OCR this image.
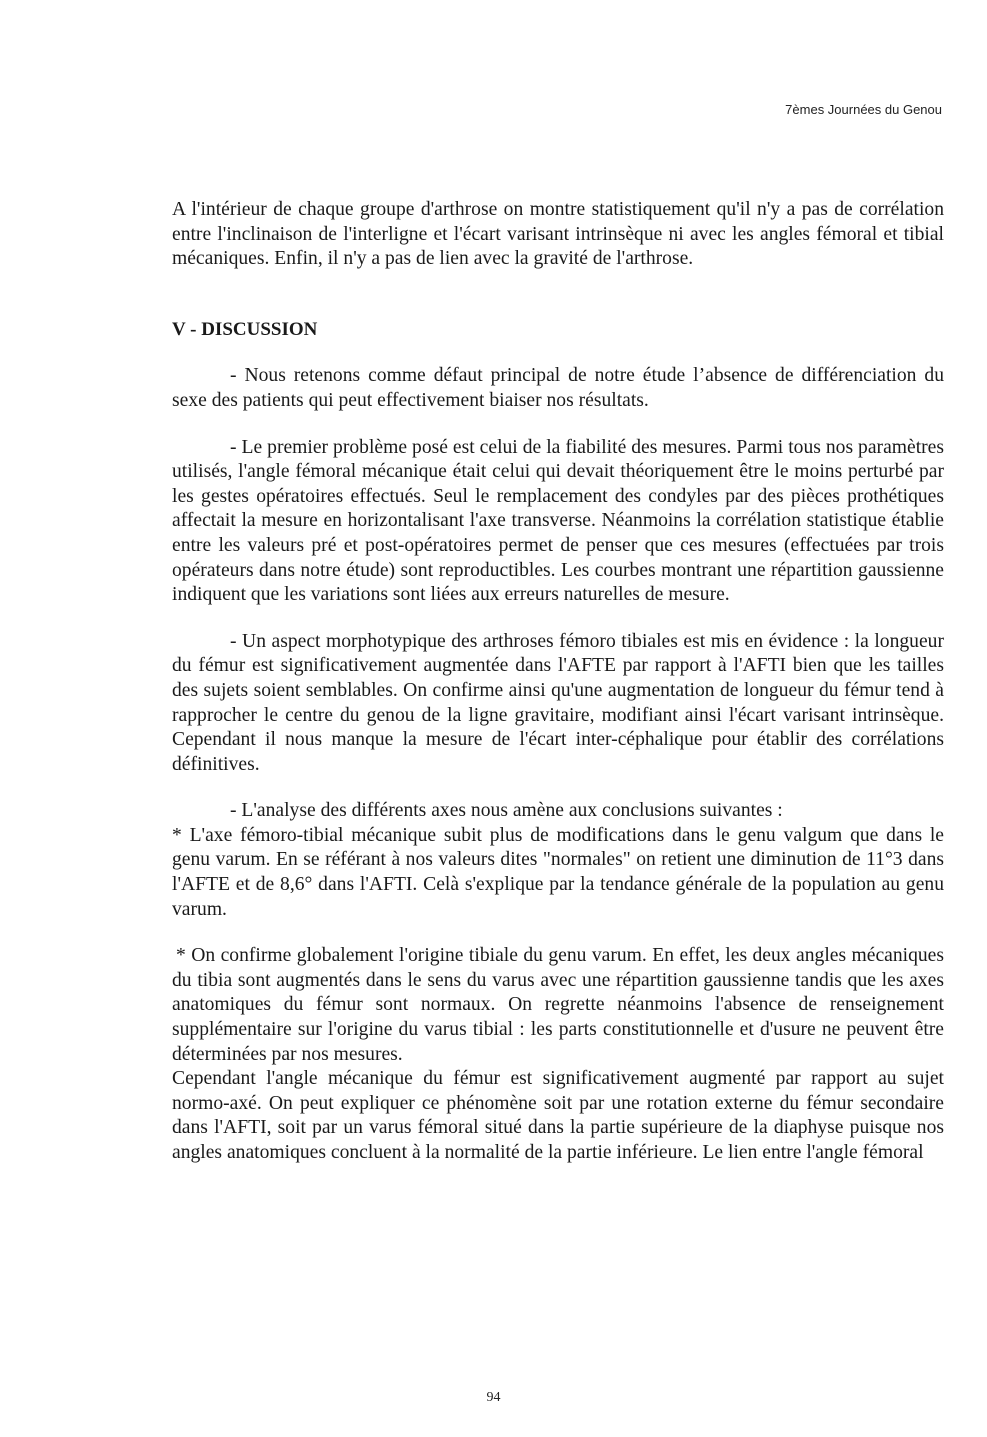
7èmes Journées du Genou

A l'intérieur de chaque groupe d'arthrose on montre statistiquement qu'il n'y a pas de corrélation entre l'inclinaison de l'interligne et l'écart varisant intrinsèque ni avec les angles fémoral et tibial mécaniques. Enfin, il n'y a pas de lien avec la gravité de l'arthrose.

V - DISCUSSION

- Nous retenons comme défaut principal de notre étude l’absence de différenciation du sexe des patients qui peut effectivement biaiser nos résultats.

- Le premier problème posé est celui de la fiabilité des mesures. Parmi tous nos paramètres utilisés, l'angle fémoral mécanique était celui qui devait théoriquement être le moins perturbé par les gestes opératoires effectués. Seul le remplacement des condyles par des pièces prothétiques affectait la mesure en horizontalisant l'axe transverse. Néanmoins la corrélation statistique établie entre les valeurs pré et post-opératoires permet de penser que ces mesures (effectuées par trois opérateurs dans notre étude) sont reproductibles. Les courbes montrant une répartition gaussienne indiquent que les variations sont liées aux erreurs naturelles de mesure.

- Un aspect morphotypique des arthroses fémoro tibiales est mis en évidence : la longueur du fémur est significativement augmentée dans l'AFTE par rapport à l'AFTI bien que les tailles des sujets soient semblables. On confirme ainsi qu'une augmentation de longueur du fémur tend à rapprocher le centre du genou de la ligne gravitaire, modifiant ainsi l'écart varisant intrinsèque. Cependant il nous manque la mesure de l'écart inter-céphalique pour établir des corrélations définitives.

- L'analyse des différents axes nous amène aux conclusions suivantes :

* L'axe fémoro-tibial mécanique subit plus de modifications dans le genu valgum que dans le genu varum. En se référant à nos valeurs dites "normales" on retient une diminution de 11°3 dans l'AFTE et de 8,6° dans l'AFTI. Celà s'explique par la tendance générale de la population au genu varum.

* On confirme globalement l'origine tibiale du genu varum. En effet, les deux angles mécaniques du tibia sont augmentés dans le sens du varus avec une répartition gaussienne tandis que les axes anatomiques du fémur sont normaux. On regrette néanmoins l'absence de renseignement supplémentaire sur l'origine du varus tibial : les parts constitutionnelle et d'usure ne peuvent être déterminées par nos mesures.

Cependant l'angle mécanique du fémur est significativement augmenté par rapport au sujet normo-axé. On peut expliquer ce phénomène soit par une rotation externe du fémur secondaire dans l'AFTI, soit par un varus fémoral situé dans la partie supérieure de la diaphyse puisque nos angles anatomiques concluent à la normalité de la partie inférieure. Le lien entre l'angle fémoral

94
